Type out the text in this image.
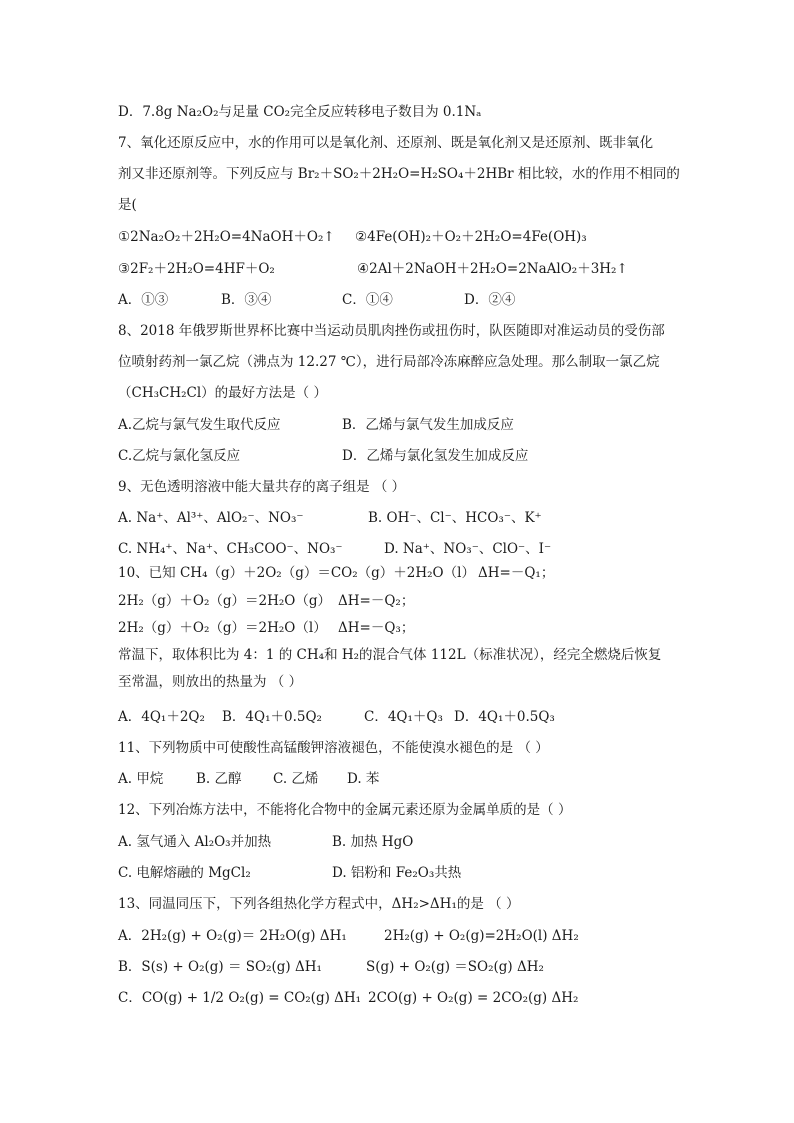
D．7.8g Na₂O₂与足量 CO₂完全反应转移电子数目为 0.1Nₐ
7、氧化还原反应中，水的作用可以是氧化剂、还原剂、既是氧化剂又是还原剂、既非氧化
剂又非还原剂等。下列反应与 Br₂＋SO₂＋2H₂O=H₂SO₄＋2HBr 相比较，水的作用不相同的
是(
①2Na₂O₂＋2H₂O=4NaOH＋O₂↑ ②4Fe(OH)₂＋O₂＋2H₂O=4Fe(OH)₃
③2F₂＋2H₂O=4HF＋O₂	④2Al＋2NaOH＋2H₂O=2NaAlO₂＋3H₂↑
A．①③	B．③④	C．①④	D．②④
8、2018 年俄罗斯世界杯比赛中当运动员肌肉挫伤或扭伤时，队医随即对准运动员的受伤部
位喷射药剂一氯乙烷（沸点为 12.27 ℃），进行局部冷冻麻醉应急处理。那么制取一氯乙烷
（CH₃CH₂Cl）的最好方法是（ ）
A.乙烷与氯气发生取代反应	B．乙烯与氯气发生加成反应
C.乙烷与氯化氢反应	D．乙烯与氯化氢发生加成反应
9、无色透明溶液中能大量共存的离子组是 （ ）
A. Na⁺、Al³⁺、AlO₂⁻、NO₃⁻	B. OH⁻、Cl⁻、HCO₃⁻、K⁺
C. NH₄⁺、Na⁺、CH₃COO⁻、NO₃⁻	D. Na⁺、NO₃⁻、ClO⁻、I⁻
10、已知 CH₄（g）＋2O₂（g）＝CO₂（g）＋2H₂O（l） ΔH=－Q₁；
2H₂（g）＋O₂（g）＝2H₂O（g） ΔH=－Q₂；
2H₂（g）＋O₂（g）＝2H₂O（l） ΔH=－Q₃；
常温下，取体积比为 4：1 的 CH₄和 H₂的混合气体 112L（标准状况），经完全燃烧后恢复
至常温，则放出的热量为 （ ）
A．4Q₁＋2Q₂ B．4Q₁＋0.5Q₂	C．4Q₁＋Q₃ D．4Q₁＋0.5Q₃
11、下列物质中可使酸性高锰酸钾溶液褪色，不能使溴水褪色的是 （ ）
A. 甲烷 B. 乙醇 C. 乙烯 D. 苯
12、下列冶炼方法中，不能将化合物中的金属元素还原为金属单质的是（ ）
A. 氢气通入 Al₂O₃并加热	B. 加热 HgO
C. 电解熔融的 MgCl₂	D. 铝粉和 Fe₂O₃共热
13、同温同压下，下列各组热化学方程式中，ΔH₂>ΔH₁的是 （ ）
A．2H₂(g) + O₂(g)＝ 2H₂O(g) ΔH₁	2H₂(g) + O₂(g)=2H₂O(l) ΔH₂
B．S(s) + O₂(g) ＝ SO₂(g) ΔH₁	S(g) + O₂(g) ＝SO₂(g) ΔH₂
C．CO(g) + 1/2 O₂(g) = CO₂(g) ΔH₁ 2CO(g) + O₂(g) = 2CO₂(g) ΔH₂
